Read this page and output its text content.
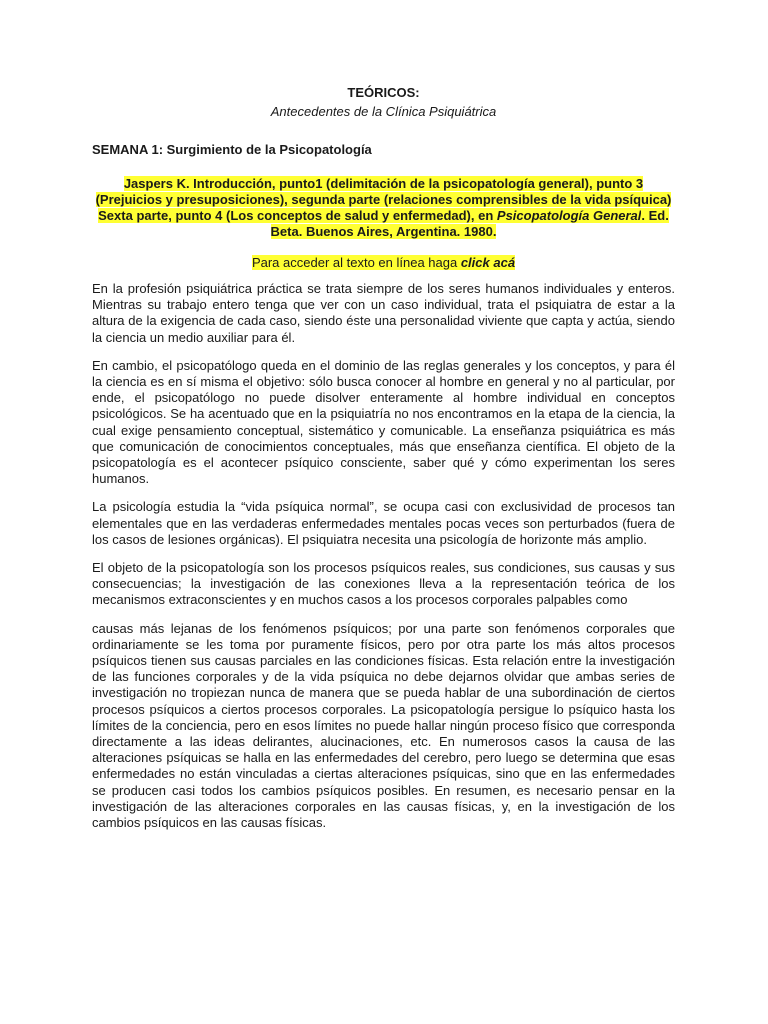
TEÓRICOS:

Antecedentes de la Clínica Psiquiátrica

SEMANA 1: Surgimiento de la Psicopatología

Jaspers K. Introducción, punto1 (delimitación de la psicopatología general), punto 3 (Prejuicios y presuposiciones), segunda parte (relaciones comprensibles de la vida psíquica) Sexta parte, punto 4 (Los conceptos de salud y enfermedad), en Psicopatología General. Ed. Beta. Buenos Aires, Argentina. 1980.

Para acceder al texto en línea haga click acá

En la profesión psiquiátrica práctica se trata siempre de los seres humanos individuales y enteros. Mientras su trabajo entero tenga que ver con un caso individual, trata el psiquiatra de estar a la altura de la exigencia de cada caso, siendo éste una personalidad viviente que capta y actúa, siendo la ciencia un medio auxiliar para él.

En cambio, el psicopatólogo queda en el dominio de las reglas generales y los conceptos, y para él la ciencia es en sí misma el objetivo: sólo busca conocer al hombre en general y no al particular, por ende, el psicopatólogo no puede disolver enteramente al hombre individual en conceptos psicológicos. Se ha acentuado que en la psiquiatría no nos encontramos en la etapa de la ciencia, la cual exige pensamiento conceptual, sistemático y comunicable. La enseñanza psiquiátrica es más que comunicación de conocimientos conceptuales, más que enseñanza científica. El objeto de la psicopatología es el acontecer psíquico consciente, saber qué y cómo experimentan los seres humanos.

La psicología estudia la “vida psíquica normal”, se ocupa casi con exclusividad de procesos tan elementales que en las verdaderas enfermedades mentales pocas veces son perturbados (fuera de los casos de lesiones orgánicas). El psiquiatra necesita una psicología de horizonte más amplio.

El objeto de la psicopatología son los procesos psíquicos reales, sus condiciones, sus causas y sus consecuencias; la investigación de las conexiones lleva a la representación teórica de los mecanismos extraconscientes y en muchos casos a los procesos corporales palpables como

causas más lejanas de los fenómenos psíquicos; por una parte son fenómenos corporales que ordinariamente se les toma por puramente físicos, pero por otra parte los más altos procesos psíquicos tienen sus causas parciales en las condiciones físicas. Esta relación entre la investigación de las funciones corporales y de la vida psíquica no debe dejarnos olvidar que ambas series de investigación no tropiezan nunca de manera que se pueda hablar de una subordinación de ciertos procesos psíquicos a ciertos procesos corporales. La psicopatología persigue lo psíquico hasta los límites de la conciencia, pero en esos límites no puede hallar ningún proceso físico que corresponda directamente a las ideas delirantes, alucinaciones, etc. En numerosos casos la causa de las alteraciones psíquicas se halla en las enfermedades del cerebro, pero luego se determina que esas enfermedades no están vinculadas a ciertas alteraciones psíquicas, sino que en las enfermedades se producen casi todos los cambios psíquicos posibles. En resumen, es necesario pensar en la investigación de las alteraciones corporales en las causas físicas, y, en la investigación de los cambios psíquicos en las causas físicas.
